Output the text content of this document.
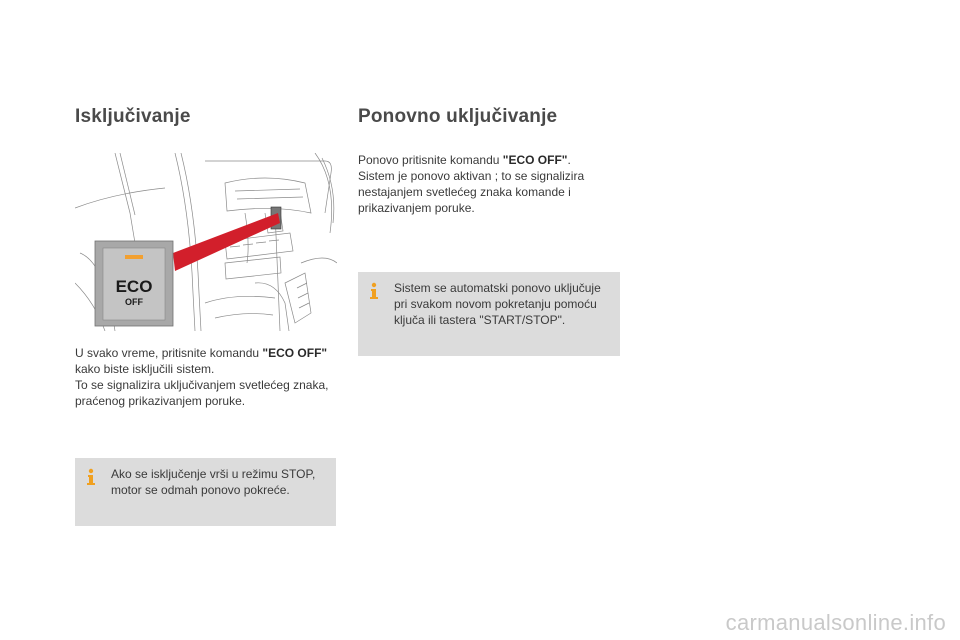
Isključivanje
ECO
OFF

U svako vreme, pritisnite komandu "ECO OFF"
kako biste isključili sistem.
To se signalizira uključivanjem svetlećeg znaka, praćenog prikazivanjem poruke.

Ako se isključenje vrši u režimu STOP, motor se odmah ponovo pokreće.

Ponovno uključivanje

Ponovo pritisnite komandu "ECO OFF".
Sistem je ponovo aktivan ; to se signalizira nestajanjem svetlećeg znaka komande i prikazivanjem poruke.

Sistem se automatski ponovo uključuje pri svakom novom pokretanju pomoću ključa ili tastera "START/STOP".

carmanualsonline.info
